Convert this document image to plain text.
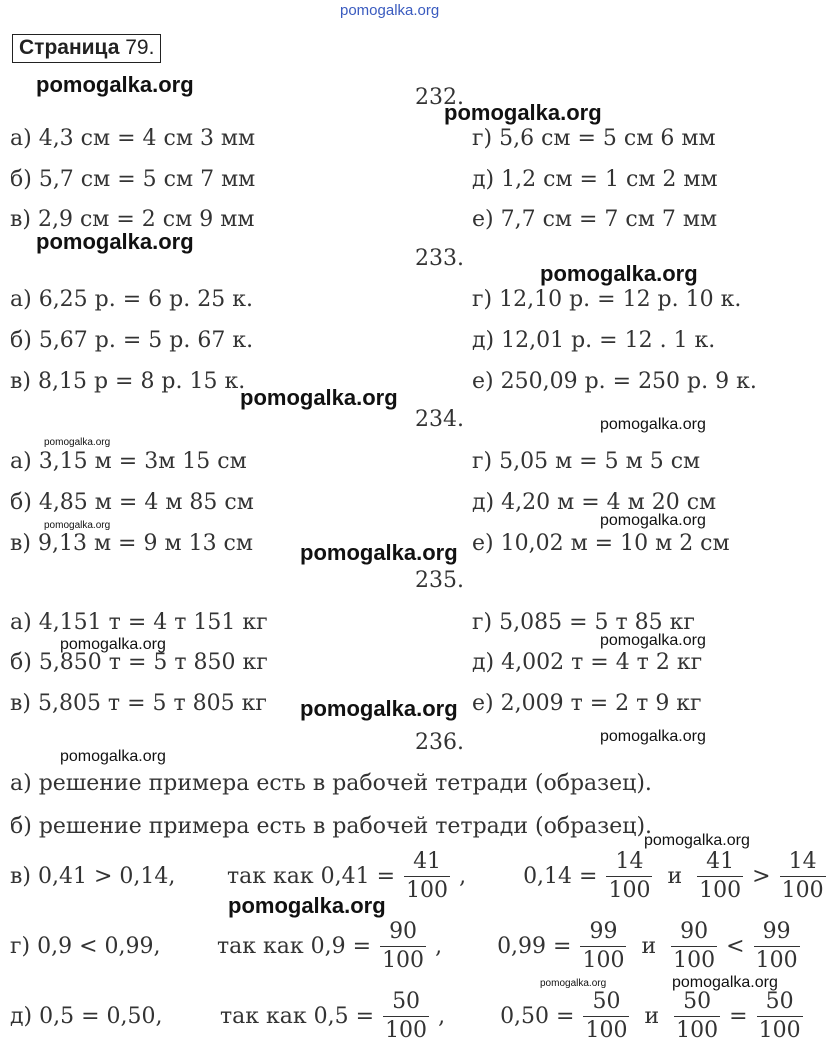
pomogalka.org
Страница 79.
232.
а) 4,3 см = 4 см 3 мм
б) 5,7 см = 5 см 7 мм
в) 2,9 см = 2 см 9 мм
г) 5,6 см = 5 см 6 мм
д) 1,2 см = 1 см 2 мм
е) 7,7 см = 7 см 7 мм
233.
а) 6,25 р. = 6 р. 25 к.
б) 5,67 р. = 5 р. 67 к.
в) 8,15 р = 8 р. 15 к.
г) 12,10 р. = 12 р. 10 к.
д) 12,01 р. = 12 . 1 к.
е) 250,09 р. = 250 р. 9 к.
234.
а) 3,15 м = 3м 15 см
б) 4,85 м = 4 м 85 см
в) 9,13 м = 9 м 13 см
г) 5,05 м = 5 м 5 см
д) 4,20 м = 4 м 20 см
е) 10,02 м = 10 м 2 см
235.
а) 4,151 т = 4 т 151 кг
б) 5,850 т = 5 т 850 кг
в) 5,805 т = 5 т 805 кг
г) 5,085 = 5 т 85 кг
д) 4,002 т = 4 т 2 кг
е) 2,009 т = 2 т 9 кг
236.
а) решение примера есть в рабочей тетради (образец).
б) решение примера есть в рабочей тетради (образец).
в) 0,41 > 0,14, так как $0,41 = \frac{41}{100}$ ,	$0,14 = \frac{14}{100}$ и $\frac{41}{100} > \frac{14}{100}$
г) 0,9 < 0,99,	так как $0,9 = \frac{90}{100}$ ,	$0,99 = \frac{99}{100}$ и $\frac{90}{100} < \frac{99}{100}$
д) 0,5 = 0,50,	так как $0,5 = \frac{50}{100}$ ,	$0,50 = \frac{50}{100}$ и $\frac{50}{100} = \frac{50}{100}$
pomogalka.org
pomogalka.org
pomogalka.org
pomogalka.org
pomogalka.org
pomogalka.org
pomogalka.org
pomogalka.org	pomogalka.org
pomogalka.org
pomogalka.org	pomogalka.org
pomogalka.org
pomogalka.org
pomogalka.org
pomogalka.org
pomogalka.org
pomogalka.org	pomogalka.org
